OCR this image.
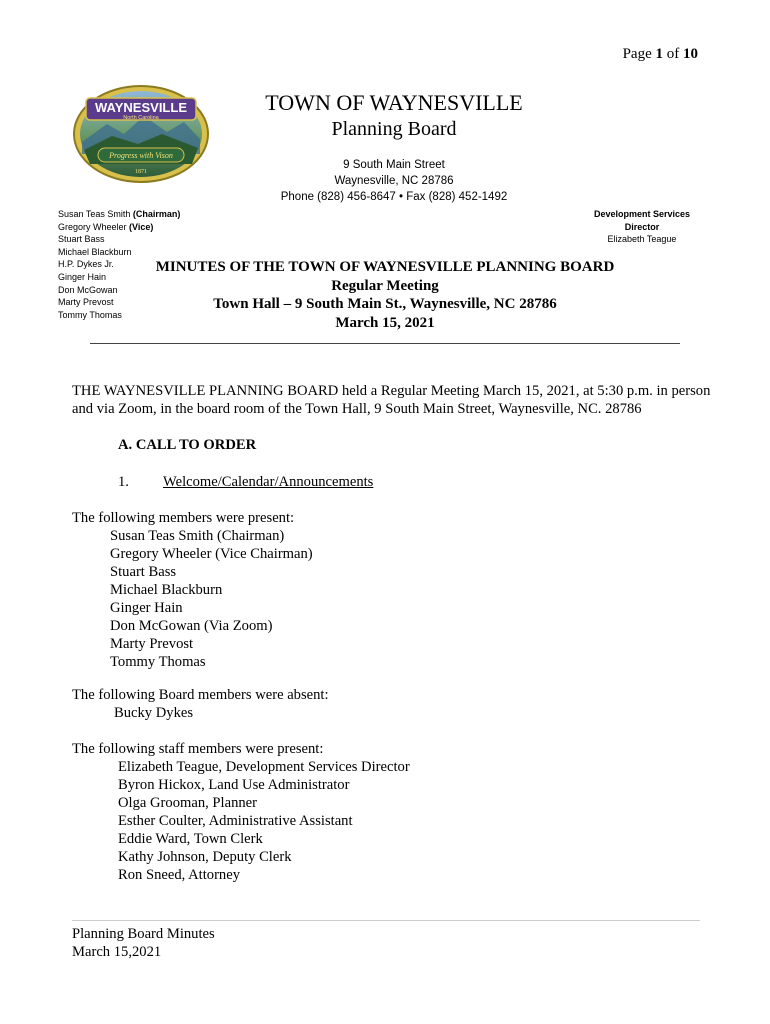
Page 1 of 10
WAYNESVILLE
North Carolina
Progress with Vison
1871
TOWN OF WAYNESVILLE
Planning Board
9 South Main Street
Waynesville, NC 28786
Phone (828) 456-8647 • Fax (828) 452-1492
Susan Teas Smith (Chairman)
Gregory Wheeler (Vice)
Stuart Bass
Michael Blackburn
H.P. Dykes Jr.
Ginger Hain
Don McGowan
Marty Prevost
Tommy Thomas
Development Services
Director
Elizabeth Teague
MINUTES OF THE TOWN OF WAYNESVILLE PLANNING BOARD
Regular Meeting
Town Hall – 9 South Main St., Waynesville, NC 28786
March 15, 2021
THE WAYNESVILLE PLANNING BOARD held a Regular Meeting March 15, 2021, at 5:30 p.m. in person and via Zoom, in the board room of the Town Hall, 9 South Main Street, Waynesville, NC. 28786
A. CALL TO ORDER
1. Welcome/Calendar/Announcements
The following members were present:
Susan Teas Smith (Chairman)
Gregory Wheeler (Vice Chairman)
Stuart Bass
Michael Blackburn
Ginger Hain
Don McGowan (Via Zoom)
Marty Prevost
Tommy Thomas
The following Board members were absent:
Bucky Dykes
The following staff members were present:
Elizabeth Teague, Development Services Director
Byron Hickox, Land Use Administrator
Olga Grooman, Planner
Esther Coulter, Administrative Assistant
Eddie Ward, Town Clerk
Kathy Johnson, Deputy Clerk
Ron Sneed, Attorney
Planning Board Minutes
March 15,2021
